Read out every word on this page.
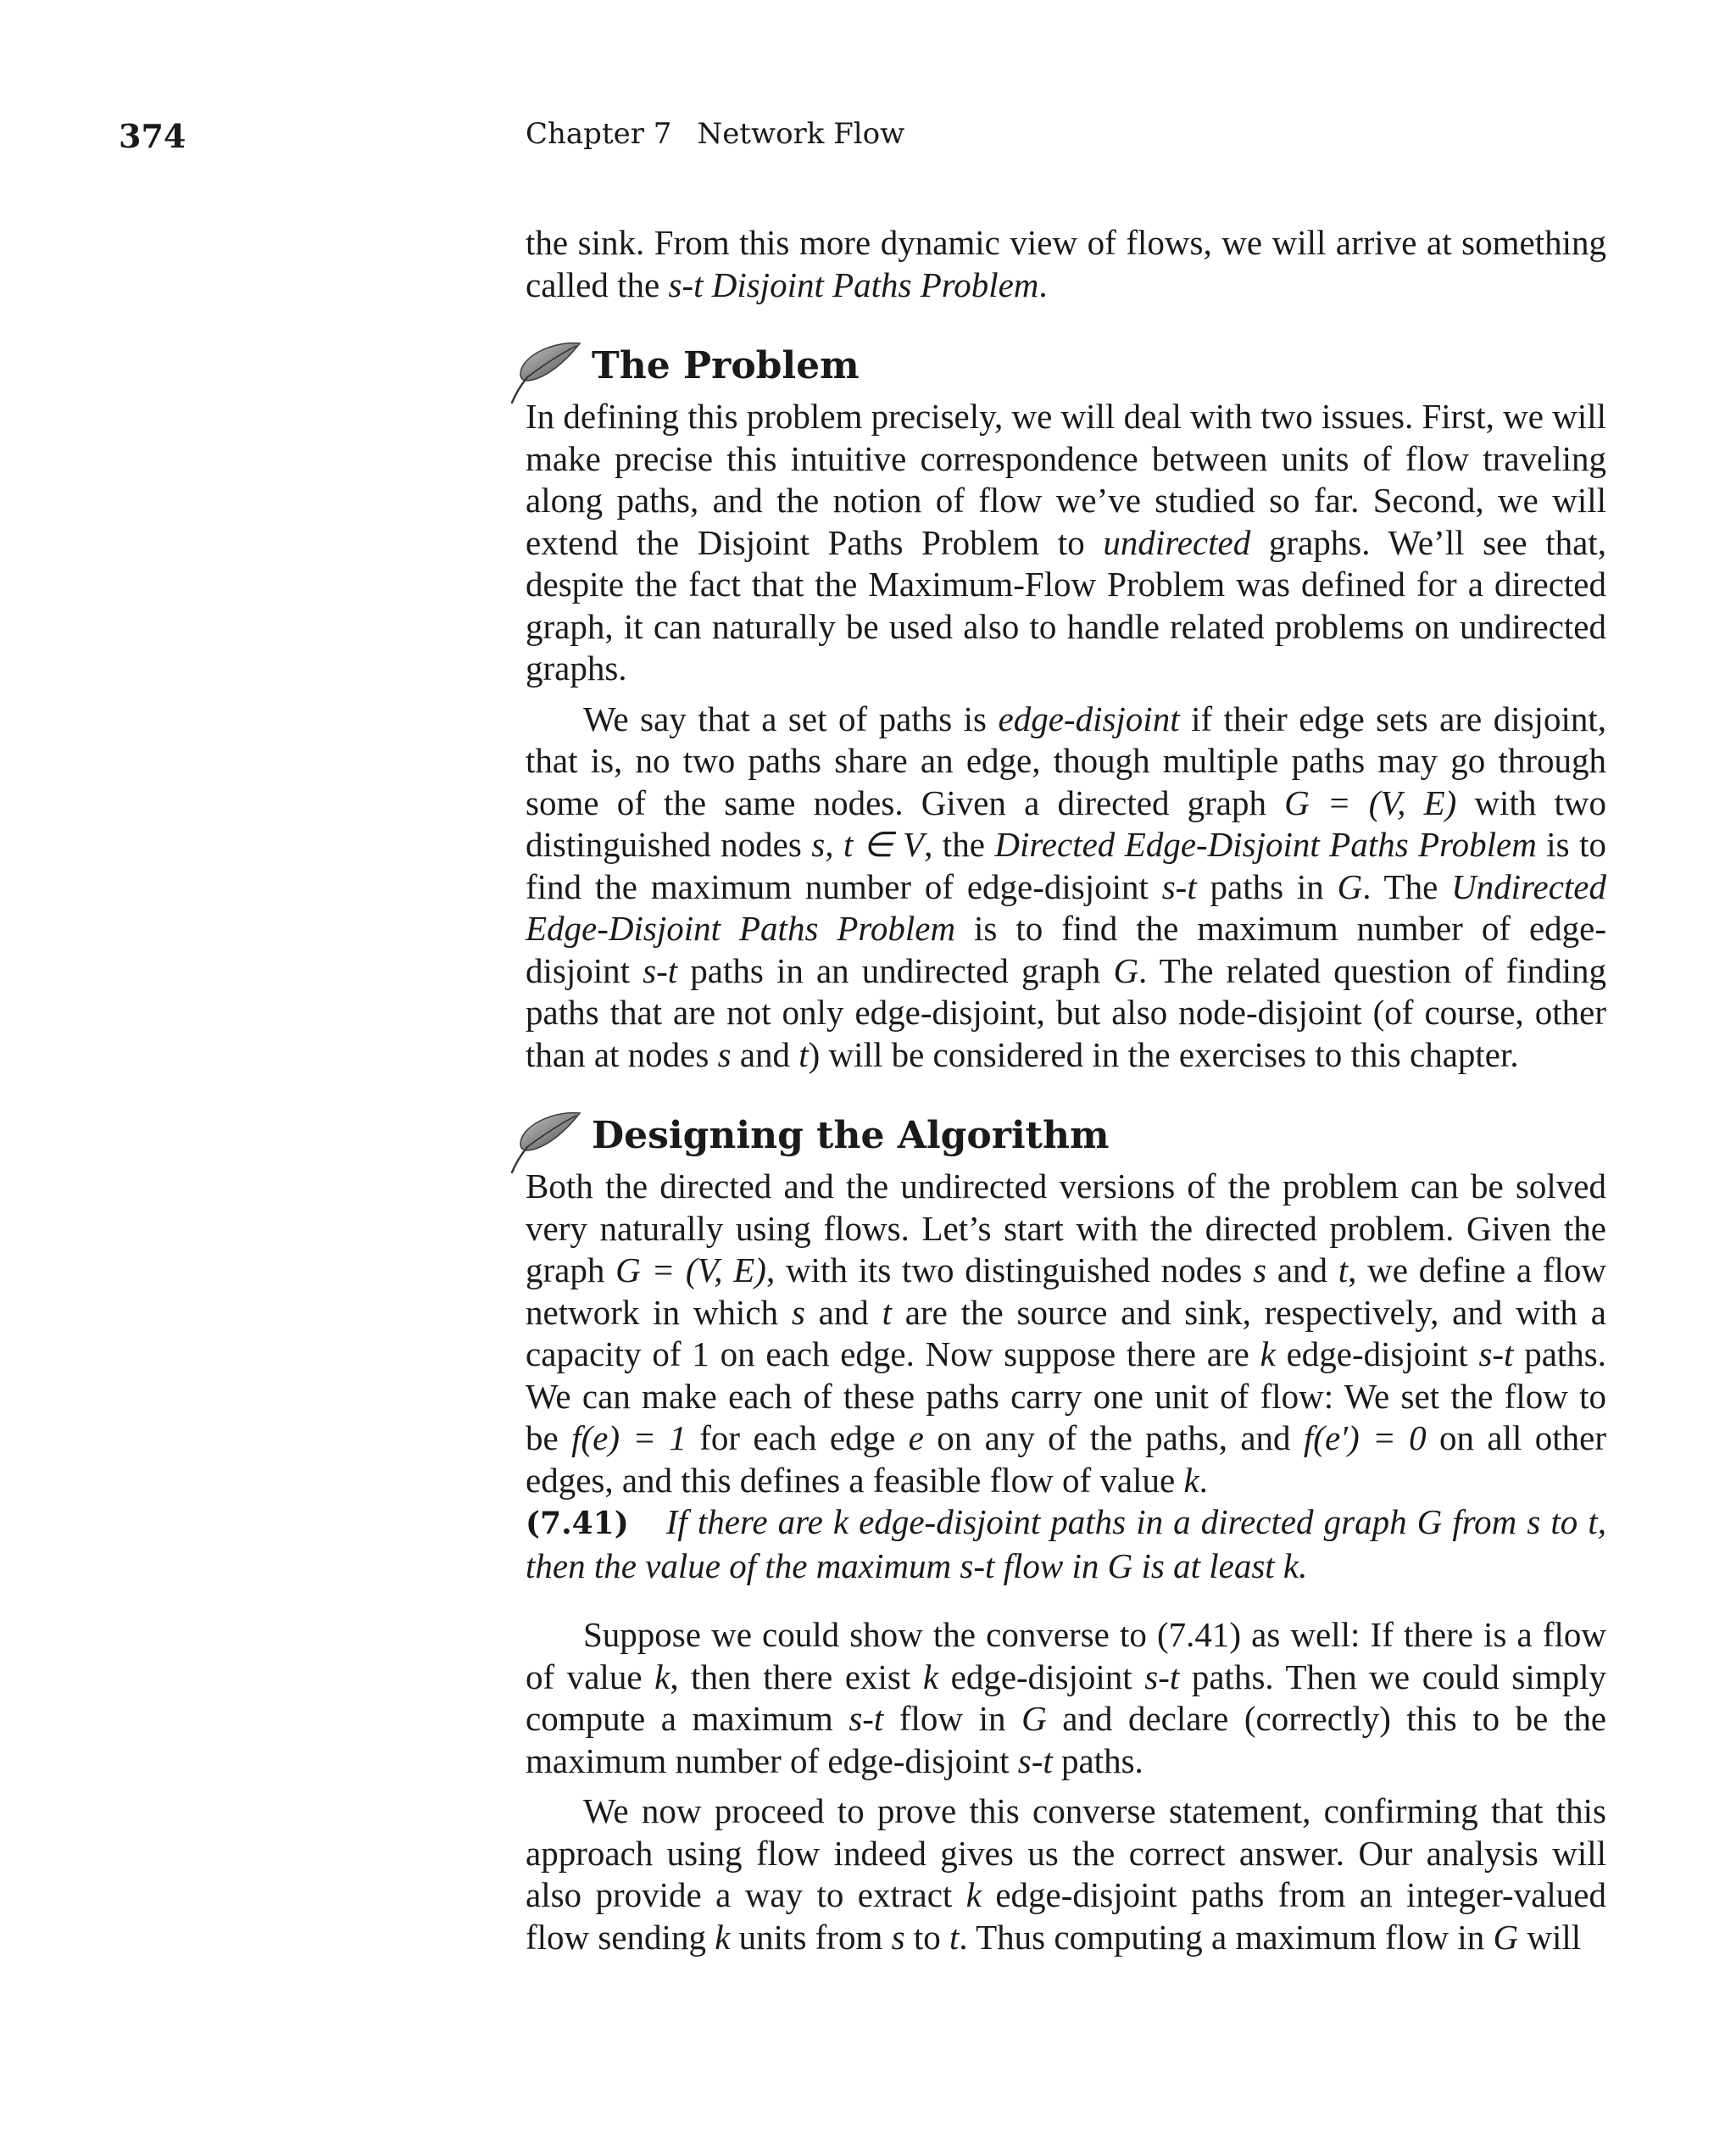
374	Chapter 7 Network Flow

the sink. From this more dynamic view of flows, we will arrive at something called the s-t Disjoint Paths Problem.

The Problem

In defining this problem precisely, we will deal with two issues. First, we will make precise this intuitive correspondence between units of flow traveling along paths, and the notion of flow we’ve studied so far. Second, we will extend the Disjoint Paths Problem to undirected graphs. We’ll see that, despite the fact that the Maximum-Flow Problem was defined for a directed graph, it can naturally be used also to handle related problems on undirected graphs.

We say that a set of paths is edge-disjoint if their edge sets are disjoint, that is, no two paths share an edge, though multiple paths may go through some of the same nodes. Given a directed graph G = (V, E) with two distinguished nodes s, t ∈ V, the Directed Edge-Disjoint Paths Problem is to find the maximum number of edge-disjoint s-t paths in G. The Undirected Edge-Disjoint Paths Problem is to find the maximum number of edge-disjoint s-t paths in an undirected graph G. The related question of finding paths that are not only edge-disjoint, but also node-disjoint (of course, other than at nodes s and t) will be considered in the exercises to this chapter.

Designing the Algorithm

Both the directed and the undirected versions of the problem can be solved very naturally using flows. Let’s start with the directed problem. Given the graph G = (V, E), with its two distinguished nodes s and t, we define a flow network in which s and t are the source and sink, respectively, and with a capacity of 1 on each edge. Now suppose there are k edge-disjoint s-t paths. We can make each of these paths carry one unit of flow: We set the flow to be f(e) = 1 for each edge e on any of the paths, and f(e′) = 0 on all other edges, and this defines a feasible flow of value k.

(7.41) If there are k edge-disjoint paths in a directed graph G from s to t, then the value of the maximum s-t flow in G is at least k.

Suppose we could show the converse to (7.41) as well: If there is a flow of value k, then there exist k edge-disjoint s-t paths. Then we could simply compute a maximum s-t flow in G and declare (correctly) this to be the maximum number of edge-disjoint s-t paths.

We now proceed to prove this converse statement, confirming that this approach using flow indeed gives us the correct answer. Our analysis will also provide a way to extract k edge-disjoint paths from an integer-valued flow sending k units from s to t. Thus computing a maximum flow in G will
